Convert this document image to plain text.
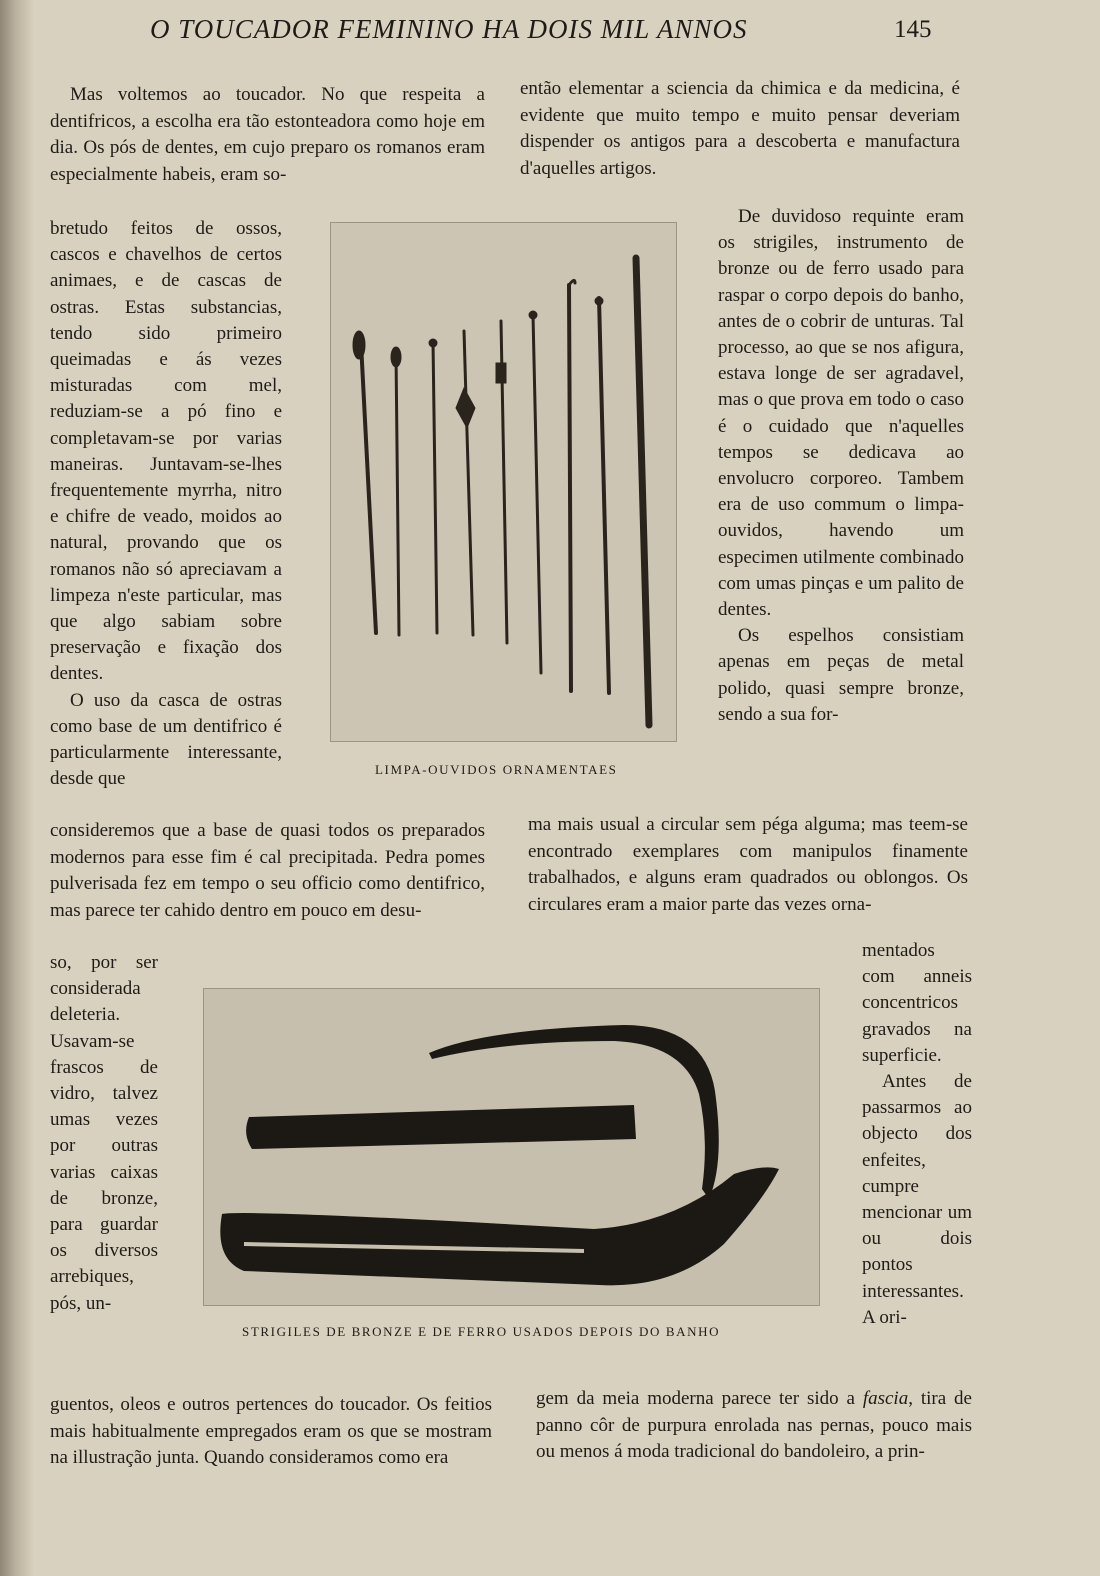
O TOUCADOR FEMININO HA DOIS MIL ANNOS	145

Mas voltemos ao toucador. No que respeita a dentifricos, a escolha era tão estonteadora como hoje em dia. Os pós de dentes, em cujo preparo os romanos eram especialmente habeis, eram so-

bretudo feitos de ossos, cascos e chavelhos de certos animaes, e de cascas de ostras. Estas substancias, tendo sido primeiro queimadas e ás vezes misturadas com mel, reduziam-se a pó fino e completavam-se por varias maneiras. Juntavam-se-lhes frequentemente myrrha, nitro e chifre de veado, moidos ao natural, provando que os romanos não só apreciavam a limpeza n'este particular, mas que algo sabiam sobre preservação e fixação dos dentes.

O uso da casca de ostras como base de um dentifrico é particularmente interessante, desde que

consideremos que a base de quasi todos os preparados modernos para esse fim é cal precipitada. Pedra pomes pulverisada fez em tempo o seu officio como dentifrico, mas parece ter cahido dentro em pouco em desu-

so, por ser considerada deleteria. Usavam-se frascos de vidro, talvez umas vezes por outras varias caixas de bronze, para guardar os diversos arrebiques, pós, un-

guentos, oleos e outros pertences do toucador. Os feitios mais habitualmente empregados eram os que se mostram na illustração junta. Quando consideramos como era

LIMPA-OUVIDOS ORNAMENTAES

então elementar a sciencia da chimica e da medicina, é evidente que muito tempo e muito pensar deveriam dispender os antigos para a descoberta e manufactura d'aquelles artigos.

De duvidoso requinte eram os strigiles, instrumento de bronze ou de ferro usado para raspar o corpo depois do banho, antes de o cobrir de unturas. Tal processo, ao que se nos afigura, estava longe de ser agradavel, mas o que prova em todo o caso é o cuidado que n'aquelles tempos se dedicava ao envolucro corporeo. Tambem era de uso commum o limpa-ouvidos, havendo um especimen utilmente combinado com umas pinças e um palito de dentes.

Os espelhos consistiam apenas em peças de metal polido, quasi sempre bronze, sendo a sua for-

ma mais usual a circular sem péga alguma; mas teem-se encontrado exemplares com manipulos finamente trabalhados, e alguns eram quadrados ou oblongos. Os circulares eram a maior parte das vezes orna-

mentados com anneis concentricos gravados na superficie.

Antes de passarmos ao objecto dos enfeites, cumpre mencionar um ou dois pontos interessantes. A ori-

gem da meia moderna parece ter sido a fascia, tira de panno côr de purpura enrolada nas pernas, pouco mais ou menos á moda tradicional do bandoleiro, a prin-

STRIGILES DE BRONZE E DE FERRO USADOS DEPOIS DO BANHO
